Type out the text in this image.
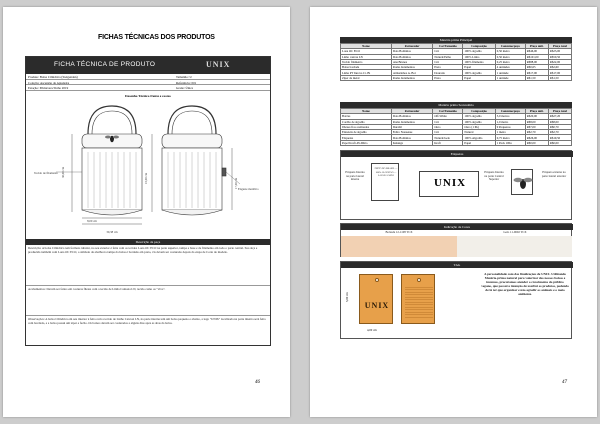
FICHAS TÉCNICAS DOS PRODUTOS
FICHA TÉCNICA DE PRODUTO	UNIX
Produto: Bolsa Cilíndrica (Steigenden)	Tamanho: U
Coleção: Ascensão da Apiadeira	Referência: 001
Estação: Primavera/Verão 2019	Grade: Única
Desenho Técnico frente e costas
30,00 cm
30,38 cm
8,00 cm
Tecido de filamento	15,00 cm	17,00 cm Engaste metálico
Descrição da peça
Descrição: A bolsa Cilíndrica tem formato tubular, no seu exterior é feita com os tecidos Lona OC ECO na parte superior, tampa e base e de filamento em todo o parte central. Sua alça e produzida também com Lona OC ECO, o símbolo da abelha na tampa da bolsa é bordado em preto, vis devem ser costurado depois da etapa de Corte do modelo.
Acabamentos: Devem ser feitos em costuras filetes com a tecido de Linha Cantona LN, tecido como os "vivo".
Observações: A bolsa Cilíndrica em seu interior é feita com a tecido de Linho Cancon LN, na parte interna tem um bolso pequeno e abaixo, a logo "UNIX" localizada na parte interna será feita com bordado, e a bolsa possui um zíper e fecho. Os bolsos devem ser costurados a alguns dias após as abas da bolsa.
46
Matéria prima Principal
Nome	Fornecedor	Cor/Tamanho	Composição	Consumo/peça	Preço unit.	Preço total
Lona OC ECO	Dois Bodinhos	Crú	100% algodão	0,50 metro	R$46,00	R$23,00
Linho canvas LN	Dois Bodinhos	Natural/Palha	100% Linho	0,50 metro	R$101,00	R$50,50
Tecido filamento	Ana Brunes	Crú	100% filamento	0,25 metro	R$88,00	R$22,00
Bolsa bordada	Roma Aviamentos	Preta	Papel	4 unidades	R$0,65	R$2,60
Linha PT Innova Cr. Bi	Armarinhos A. Boi	Dourada	100% algodão	1 unidade	R$17,00	R$17,00
Zíper de metal	Roma Aviamentos	Prata	Papel	1 unidade	R$1,50	R$1,50
Matéria prima Secundária
Nome	Fornecedor	Cor/Tamanho	Composição	Consumo/peça	Preço unit.	Preço total
Botões	Dois Bodinhos	Off-White	100% algodão	3,0 metros	R$20,00	R$27,20
Cordão de algodão	Roma Aviamentos	Crú	100% algodão	1,0 metro	R$8,00	R$8,00
Ilhóses fios acetinados	Durabil	Ouro	Ouro (1 Pk)	9 Pequenos	R$7,00	R$0,70
Entretela de algodão	Feltro Nonsense	Crú	Natural	1 metro	R$2,70	R$2,70
Etiquetas	Dois Bodinhos	Natural/Gelo	100% Algodão	0,75 metro	R$26,00	R$19,50
Papel Kraft AV-DKG	Kalunga	Kraft	Papel	1 Pack 100u	R$0,00	R$0,00
Etiquetas
Etiqueta Interna na parte lateral interna
FEITO NO BRASIL — 100% ALGODÃO — LAVAR À MÃO
UNIX
Etiqueta Interna na parte Central Superior
Etiqueta externa na parte lateral exterior
Indicação de Cores
Bolsada 12-1108 TCX	Gelo 11-0602 TCX
TAG
5,00 cm
UNIX
4,00 cm
A personalidade com das finalizações de UNIX. Utilizando Matéria-prima natural para valorizar dos nossos bolsos e insumos, procuramos atender o crescimento do público vegano, que possui a intenção de usufrui os produtos, podendo de lá ter que organizar e não agredir os animais e o meio ambiente.
47
